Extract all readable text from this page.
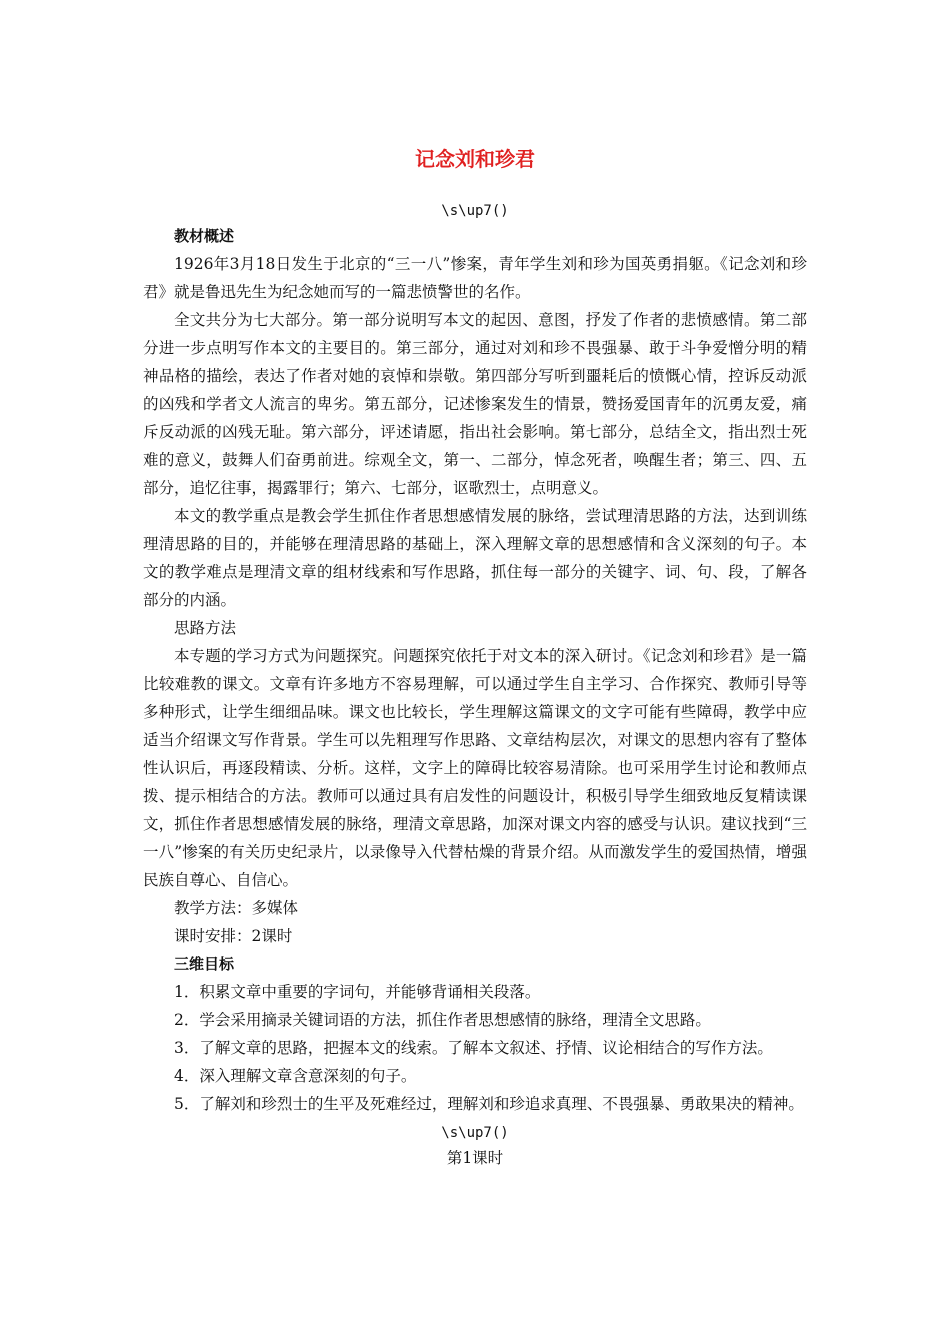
记念刘和珍君
\s\up7()
教材概述

1926年3月18日发生于北京的“三一八”惨案，青年学生刘和珍为国英勇捐躯。《记念刘和珍君》就是鲁迅先生为纪念她而写的一篇悲愤警世的名作。

全文共分为七大部分。第一部分说明写本文的起因、意图，抒发了作者的悲愤感情。第二部分进一步点明写作本文的主要目的。第三部分，通过对刘和珍不畏强暴、敢于斗争爱憎分明的精神品格的描绘，表达了作者对她的哀悼和崇敬。第四部分写听到噩耗后的愤慨心情，控诉反动派的凶残和学者文人流言的卑劣。第五部分，记述惨案发生的情景，赞扬爱国青年的沉勇友爱，痛斥反动派的凶残无耻。第六部分，评述请愿，指出社会影响。第七部分，总结全文，指出烈士死难的意义，鼓舞人们奋勇前进。综观全文，第一、二部分，悼念死者，唤醒生者；第三、四、五部分，追忆往事，揭露罪行；第六、七部分，讴歌烈士，点明意义。

本文的教学重点是教会学生抓住作者思想感情发展的脉络，尝试理清思路的方法，达到训练理清思路的目的，并能够在理清思路的基础上，深入理解文章的思想感情和含义深刻的句子。本文的教学难点是理清文章的组材线索和写作思路，抓住每一部分的关键字、词、句、段，了解各部分的内涵。

思路方法

本专题的学习方式为问题探究。问题探究依托于对文本的深入研讨。《记念刘和珍君》是一篇比较难教的课文。文章有许多地方不容易理解，可以通过学生自主学习、合作探究、教师引导等多种形式，让学生细细品味。课文也比较长，学生理解这篇课文的文字可能有些障碍，教学中应适当介绍课文写作背景。学生可以先粗理写作思路、文章结构层次，对课文的思想内容有了整体性认识后，再逐段精读、分析。这样，文字上的障碍比较容易清除。也可采用学生讨论和教师点拨、提示相结合的方法。教师可以通过具有启发性的问题设计，积极引导学生细致地反复精读课文，抓住作者思想感情发展的脉络，理清文章思路，加深对课文内容的感受与认识。建议找到“三一八”惨案的有关历史纪录片，以录像导入代替枯燥的背景介绍。从而激发学生的爱国热情，增强民族自尊心、自信心。

教学方法：多媒体

课时安排：2课时

三维目标

1．积累文章中重要的字词句，并能够背诵相关段落。

2．学会采用摘录关键词语的方法，抓住作者思想感情的脉络，理清全文思路。

3．了解文章的思路，把握本文的线索。了解本文叙述、抒情、议论相结合的写作方法。

4．深入理解文章含意深刻的句子。

5．了解刘和珍烈士的生平及死难经过，理解刘和珍追求真理、不畏强暴、勇敢果决的精神。

\s\up7()

第1课时
